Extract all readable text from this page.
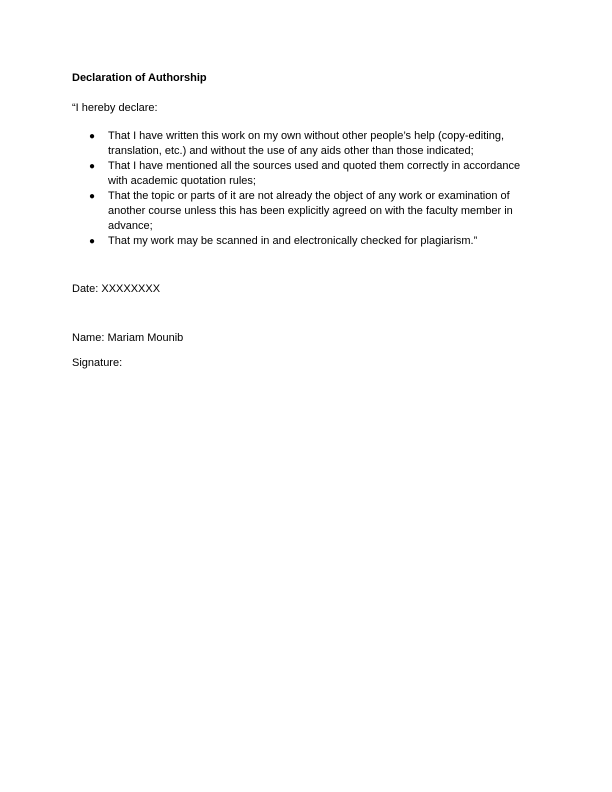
Declaration of Authorship
“I hereby declare:
● That I have written this work on my own without other people’s help (copy-editing, translation, etc.) and without the use of any aids other than those indicated;
● That I have mentioned all the sources used and quoted them correctly in accordance with academic quotation rules;
● That the topic or parts of it are not already the object of any work or examination of another course unless this has been explicitly agreed on with the faculty member in advance;
● That my work may be scanned in and electronically checked for plagiarism.”
Date: XXXXXXXX
Name: Mariam Mounib
Signature:
